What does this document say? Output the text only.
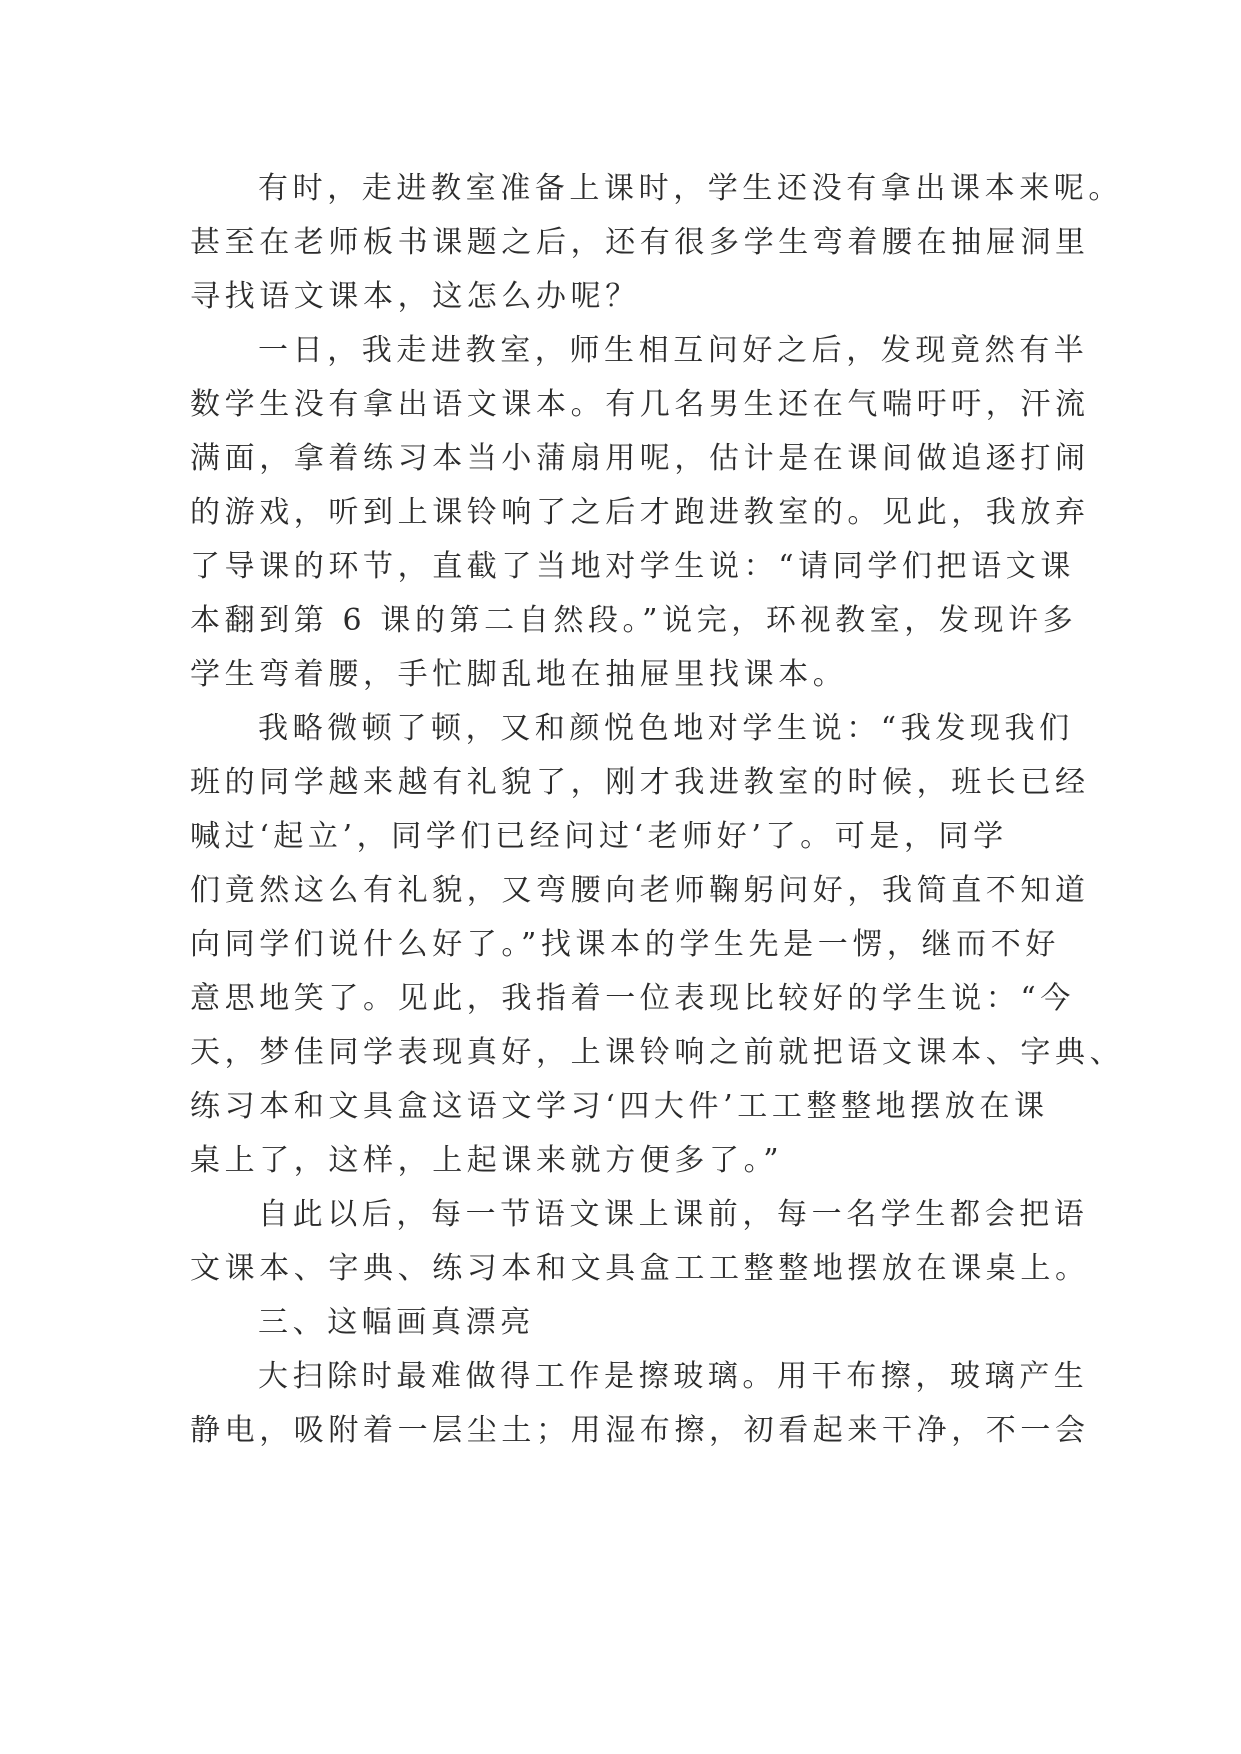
有时，走进教室准备上课时，学生还没有拿出课本来呢。
甚至在老师板书课题之后，还有很多学生弯着腰在抽屉洞里
寻找语文课本，这怎么办呢？
一日，我走进教室，师生相互问好之后，发现竟然有半
数学生没有拿出语文课本。有几名男生还在气喘吁吁，汗流
满面，拿着练习本当小蒲扇用呢，估计是在课间做追逐打闹
的游戏，听到上课铃响了之后才跑进教室的。见此，我放弃
了导课的环节，直截了当地对学生说：“请同学们把语文课
本翻到第 6 课的第二自然段。”说完，环视教室，发现许多
学生弯着腰，手忙脚乱地在抽屉里找课本。
我略微顿了顿，又和颜悦色地对学生说：“我发现我们
班的同学越来越有礼貌了，刚才我进教室的时候，班长已经
喊过‘起立’，同学们已经问过‘老师好’了。可是，同学
们竟然这么有礼貌，又弯腰向老师鞠躬问好，我简直不知道
向同学们说什么好了。”找课本的学生先是一愣，继而不好
意思地笑了。见此，我指着一位表现比较好的学生说：“今
天，梦佳同学表现真好，上课铃响之前就把语文课本、字典、
练习本和文具盒这语文学习‘四大件’工工整整地摆放在课
桌上了，这样，上起课来就方便多了。”
自此以后，每一节语文课上课前，每一名学生都会把语
文课本、字典、练习本和文具盒工工整整地摆放在课桌上。
三、这幅画真漂亮
大扫除时最难做得工作是擦玻璃。用干布擦，玻璃产生
静电，吸附着一层尘土；用湿布擦，初看起来干净，不一会
